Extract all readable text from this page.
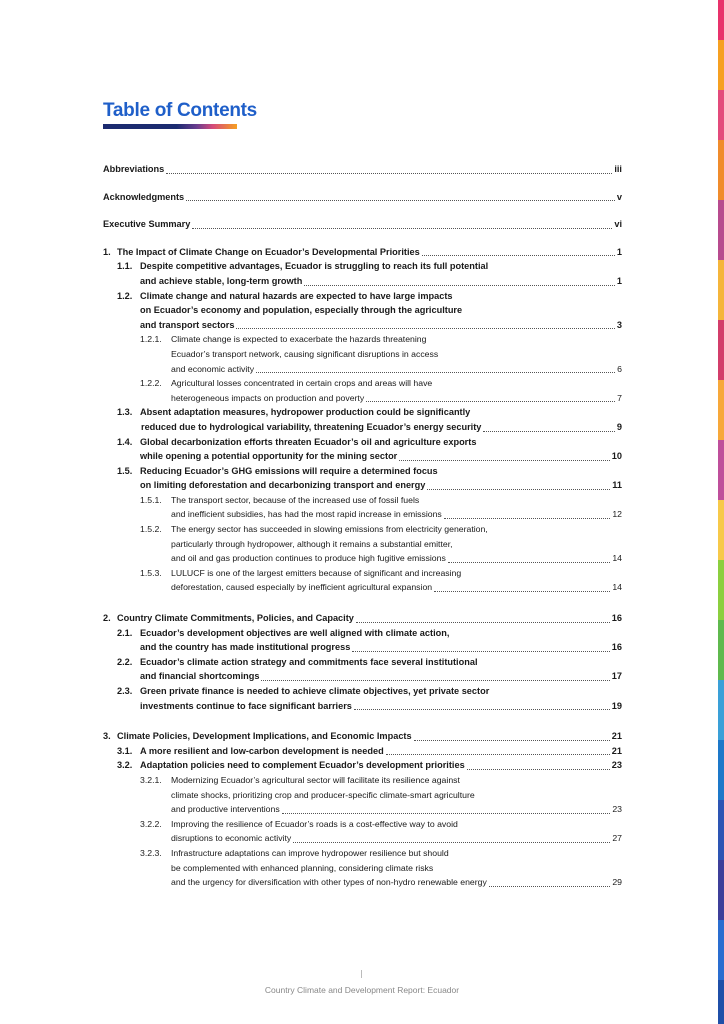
Table of Contents
Abbreviations	iii
Acknowledgments	v
Executive Summary	vi
1. The Impact of Climate Change on Ecuador’s Developmental Priorities	1
1.1. Despite competitive advantages, Ecuador is struggling to reach its full potential
and achieve stable, long-term growth	1
1.2. Climate change and natural hazards are expected to have large impacts
on Ecuador’s economy and population, especially through the agriculture
and transport sectors	3
1.2.1.	Climate change is expected to exacerbate the hazards threatening
Ecuador’s transport network, causing significant disruptions in access
and economic activity	6
1.2.2.	Agricultural losses concentrated in certain crops and areas will have
heterogeneous impacts on production and poverty	7
1.3. Absent adaptation measures, hydropower production could be significantly
reduced due to hydrological variability, threatening Ecuador’s energy security	9
1.4. Global decarbonization efforts threaten Ecuador’s oil and agriculture exports
while opening a potential opportunity for the mining sector	10
1.5. Reducing Ecuador’s GHG emissions will require a determined focus
on limiting deforestation and decarbonizing transport and energy	11
1.5.1.	The transport sector, because of the increased use of fossil fuels
and inefficient subsidies, has had the most rapid increase in emissions	12
1.5.2.	The energy sector has succeeded in slowing emissions from electricity generation,
particularly through hydropower, although it remains a substantial emitter,
and oil and gas production continues to produce high fugitive emissions	14
1.5.3.	LULUCF is one of the largest emitters because of significant and increasing
deforestation, caused especially by inefficient agricultural expansion	14
2. Country Climate Commitments, Policies, and Capacity	16
2.1. Ecuador’s development objectives are well aligned with climate action,
and the country has made institutional progress	16
2.2. Ecuador’s climate action strategy and commitments face several institutional
and financial shortcomings	17
2.3. Green private finance is needed to achieve climate objectives, yet private sector
investments continue to face significant barriers	19
3. Climate Policies, Development Implications, and Economic Impacts	21
3.1. A more resilient and low-carbon development is needed	21
3.2. Adaptation policies need to complement Ecuador’s development priorities	23
3.2.1.	Modernizing Ecuador’s agricultural sector will facilitate its resilience against
climate shocks, prioritizing crop and producer-specific climate-smart agriculture
and productive interventions	23
3.2.2.	Improving the resilience of Ecuador’s roads is a cost-effective way to avoid
disruptions to economic activity	27
3.2.3.	Infrastructure adaptations can improve hydropower resilience but should
be complemented with enhanced planning, considering climate risks
and the urgency for diversification with other types of non-hydro renewable energy	29
Country Climate and Development Report: Ecuador
